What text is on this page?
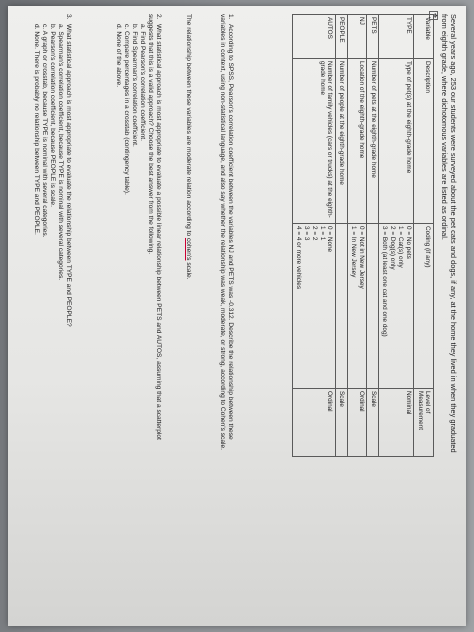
Several years ago, 253 our students were surveyed about the pet cats and dogs, if any, at the home they lived in when they graduated from eighth grade, where dichotomous variables are listed as ordinal.

✥
Variable	Description	Coding (if any)	Level of Measurement
TYPE	Type of pet(s) at the eighth-grade home	0 = No pets
1 = Cat(s) only
2 = Dog(s) only
3 = Both (at least one cat and one dog)	Nominal
PETS	Number of pets at the eighth-grade home		Scale
NJ	Location of the eighth-grade home	0 = Not in New Jersey
1 = In New Jersey	Ordinal
PEOPLE	Number of people at the eighth-grade home		Scale
AUTOS	Number of family vehicles (cars or trucks) at the eighth-grade home	0 = None
1 = 1
2 = 2
3 = 3
4 = 4 or more vehicles	Ordinal
1.According to SPSS, Pearson's correlation coefficient between the variables NJ and PETS was -0.312. Describe the relationship between these variables in context, using non-statistical language, and also say whether the relationship was weak, moderate, or strong, according to Cohen's scale.
The relationship between these variables are moderate relation according to cohen's scale.

2.What statistical approach is most appropriate to evaluate a possible linear relationship between PETS and AUTOS, assuming that a scatterplot suggests that this is a valid approach? Choose the best answer from the following.

a. Find Pearson's correlation coefficient.

b. Find Spearman's correlation coefficient.

c. Compare percentages in a crosstab (contingency table).

d. None of the above.

3.What statistical approach is most appropriate to evaluate the relationship between TYPE and PEOPLE?

a. Spearman's correlation coefficient, because TYPE is nominal with several categories.

b. Pearson's correlation coefficient, because PEOPLE is scale.

c. A graph or crosstab, because TYPE is nominal with several categories.

d. None. There is probably no relationship between TYPE and PEOPLE.
